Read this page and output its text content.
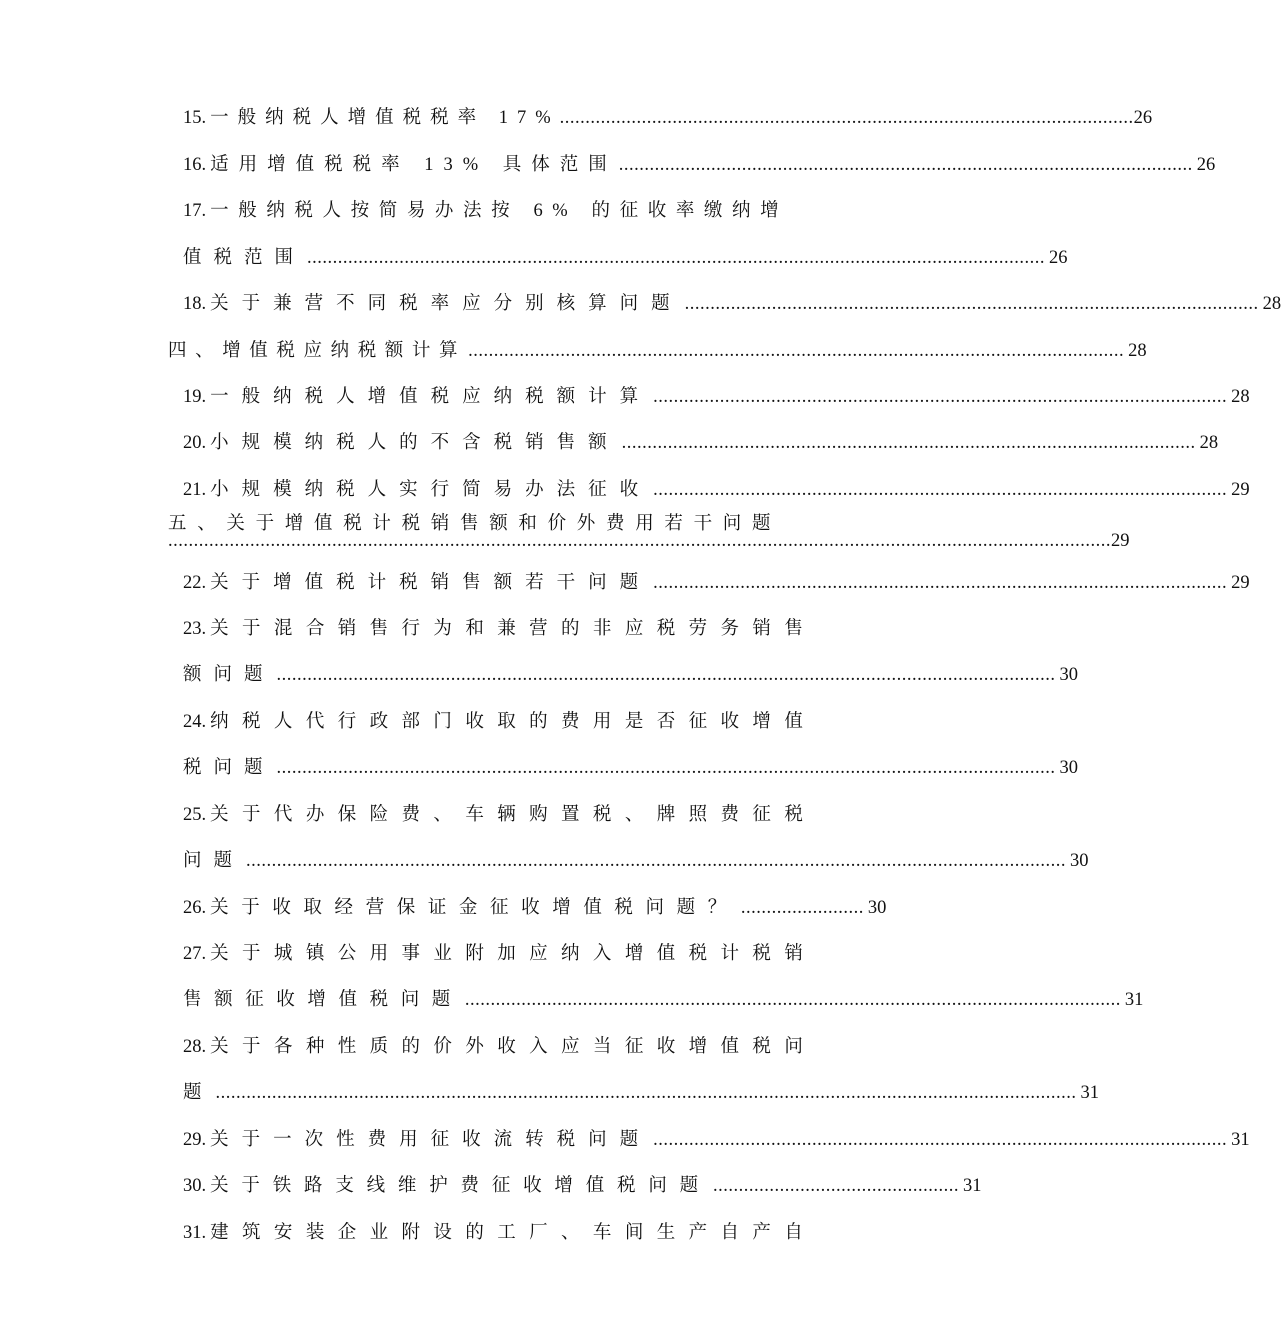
15. 一般纳税人增值税税率 17% ................................................................................................................ 26
16. 适用增值税税率 13% 具体范围 ................................................................................................................ 26
17. 一般纳税人按简易办法按 6% 的征收率缴纳增
值税范围 ................................................................................................................................................ 26
18. 关于兼营不同税率应分别核算问题 ................................................................................................................ 28
四、增值税应纳税额计算 ................................................................................................................................ 28
19. 一般纳税人增值税应纳税额计算 ................................................................................................................ 28
20. 小规模纳税人的不含税销售额 ................................................................................................................ 28
21. 小规模纳税人实行简易办法征收 ................................................................................................................ 29
五、关于增值税计税销售额和价外费用若干问题
........................................................................................................................................................................................ 29
22. 关于增值税计税销售额若干问题 ................................................................................................................ 29
23. 关于混合销售行为和兼营的非应税劳务销售
额问题 ........................................................................................................................................................ 30
24. 纳税人代行政部门收取的费用是否征收增值
税问题 ........................................................................................................................................................ 30
25. 关于代办保险费、车辆购置税、牌照费征税
问题 ................................................................................................................................................................ 30
26. 关于收取经营保证金征收增值税问题？ ........................ 30
27. 关于城镇公用事业附加应纳入增值税计税销
售额征收增值税问题 ................................................................................................................................ 31
28. 关于各种性质的价外收入应当征收增值税问
题 ........................................................................................................................................................................ 31
29. 关于一次性费用征收流转税问题 ................................................................................................................ 31
30. 关于铁路支线维护费征收增值税问题 ................................................ 31
31. 建筑安装企业附设的工厂、车间生产自产自
